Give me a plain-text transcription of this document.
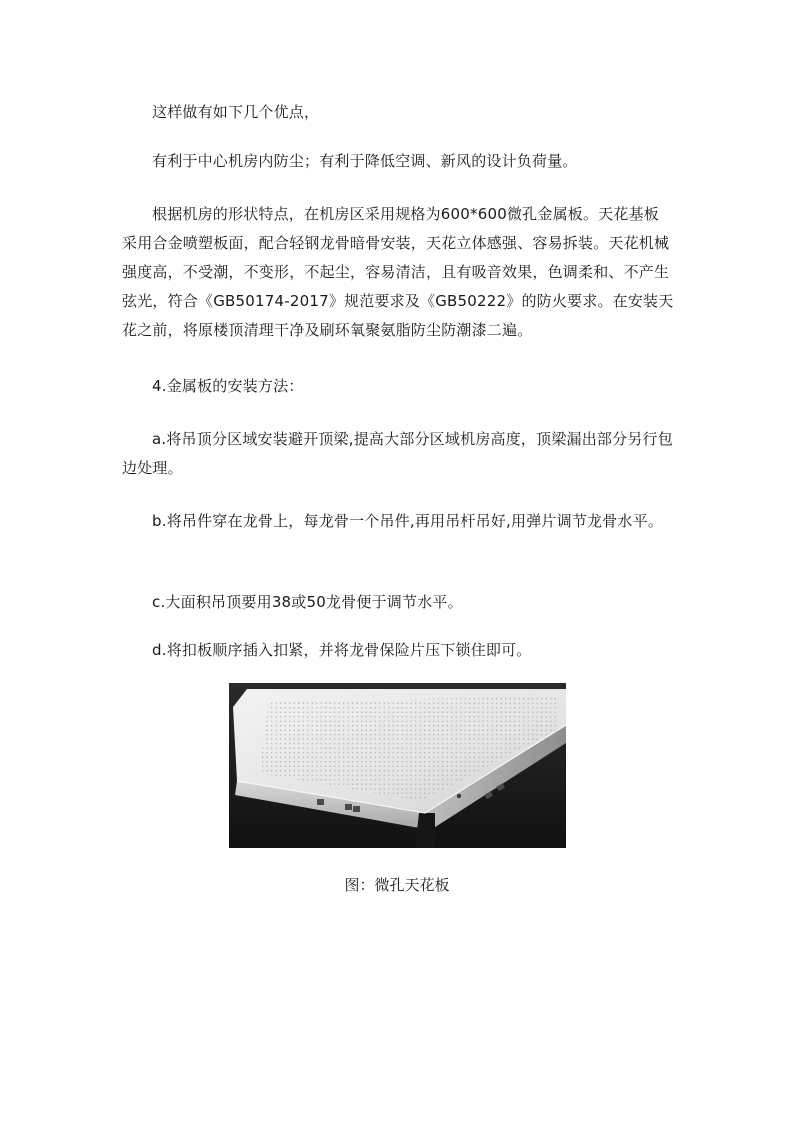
这样做有如下几个优点，

有利于中心机房内防尘；有利于降低空调、新风的设计负荷量。

根据机房的形状特点，在机房区采用规格为600*600微孔金属板。天花基板采用合金喷塑板面，配合轻钢龙骨暗骨安装，天花立体感强、容易拆装。天花机械强度高，不受潮，不变形，不起尘，容易清洁，且有吸音效果，色调柔和、不产生弦光，符合《GB50174-2017》规范要求及《GB50222》的防火要求。在安装天花之前，将原楼顶清理干净及刷环氧聚氨脂防尘防潮漆二遍。

4.金属板的安装方法：

a.将吊顶分区域安装避开顶梁,提高大部分区域机房高度，顶梁漏出部分另行包边处理。

b.将吊件穿在龙骨上，每龙骨一个吊件,再用吊杆吊好,用弹片调节龙骨水平。

c.大面积吊顶要用38或50龙骨便于调节水平。

d.将扣板顺序插入扣紧，并将龙骨保险片压下锁住即可。

图：微孔天花板
